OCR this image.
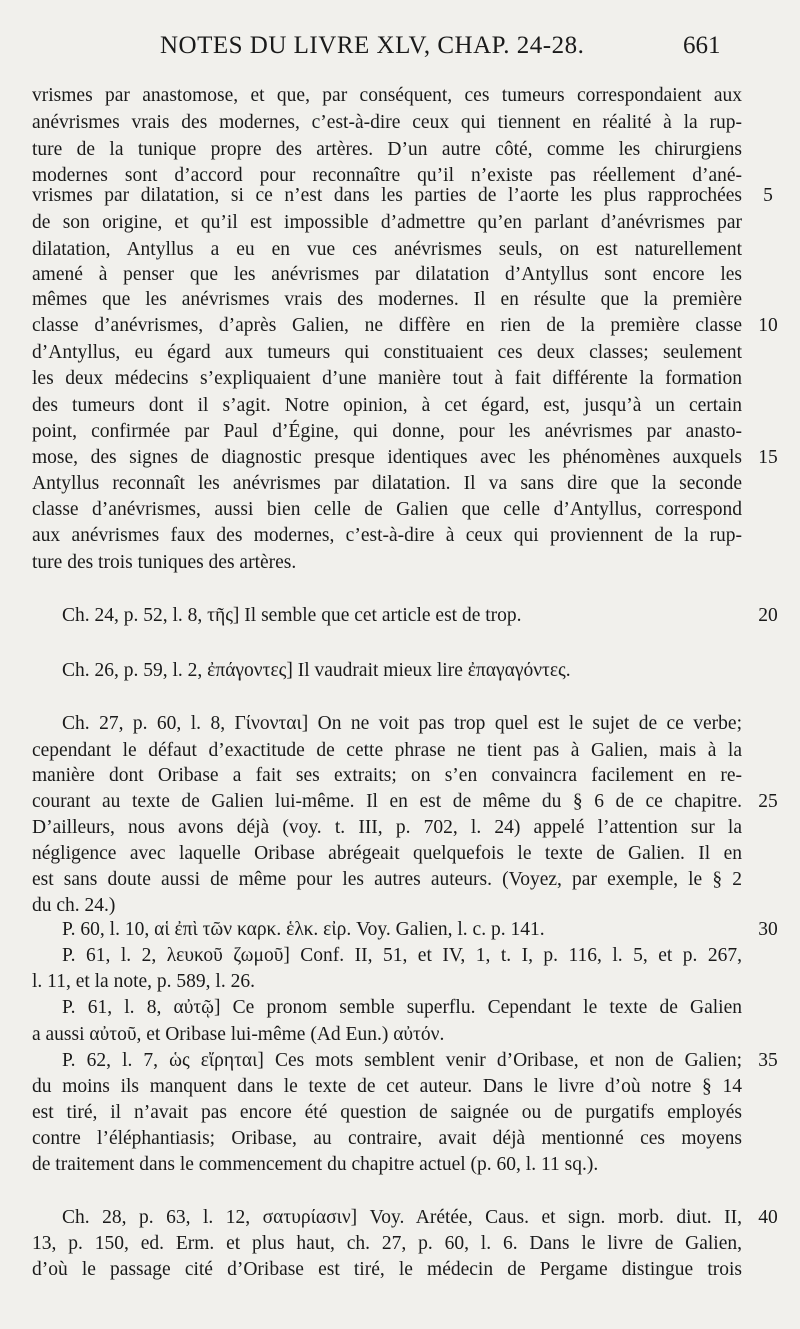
NOTES DU LIVRE XLV, CHAP. 24-28.	661
vrismes par anastomose, et que, par conséquent, ces tumeurs correspondaient aux
anévrismes vrais des modernes, c’est-à-dire ceux qui tiennent en réalité à la rup-
ture de la tunique propre des artères. D’un autre côté, comme les chirurgiens
modernes sont d’accord pour reconnaître qu’il n’existe pas réellement d’ané-
vrismes par dilatation, si ce n’est dans les parties de l’aorte les plus rapprochées
de son origine, et qu’il est impossible d’admettre qu’en parlant d’anévrismes par
dilatation, Antyllus a eu en vue ces anévrismes seuls, on est naturellement
amené à penser que les anévrismes par dilatation d’Antyllus sont encore les
mêmes que les anévrismes vrais des modernes. Il en résulte que la première
classe d’anévrismes, d’après Galien, ne diffère en rien de la première classe
d’Antyllus, eu égard aux tumeurs qui constituaient ces deux classes; seulement
les deux médecins s’expliquaient d’une manière tout à fait différente la formation
des tumeurs dont il s’agit. Notre opinion, à cet égard, est, jusqu’à un certain
point, confirmée par Paul d’Égine, qui donne, pour les anévrismes par anasto-
mose, des signes de diagnostic presque identiques avec les phénomènes auxquels
Antyllus reconnaît les anévrismes par dilatation. Il va sans dire que la seconde
classe d’anévrismes, aussi bien celle de Galien que celle d’Antyllus, correspond
aux anévrismes faux des modernes, c’est-à-dire à ceux qui proviennent de la rup-
ture des trois tuniques des artères.
Ch. 24, p. 52, l. 8, τῆς] Il semble que cet article est de trop.
Ch. 26, p. 59, l. 2, ἐπάγοντες] Il vaudrait mieux lire ἐπαγαγόντες.
Ch. 27, p. 60, l. 8, Γίνονται] On ne voit pas trop quel est le sujet de ce verbe;
cependant le défaut d’exactitude de cette phrase ne tient pas à Galien, mais à la
manière dont Oribase a fait ses extraits; on s’en convaincra facilement en re-
courant au texte de Galien lui-même. Il en est de même du § 6 de ce chapitre.
D’ailleurs, nous avons déjà (voy. t. III, p. 702, l. 24) appelé l’attention sur la
négligence avec laquelle Oribase abrégeait quelquefois le texte de Galien. Il en
est sans doute aussi de même pour les autres auteurs. (Voyez, par exemple, le § 2
du ch. 24.)
P. 60, l. 10, αἱ ἐπὶ τῶν καρκ. ἑλκ. εἰρ. Voy. Galien, l. c. p. 141.
P. 61, l. 2, λευκοῦ ζωμοῦ] Conf. II, 51, et IV, 1, t. I, p. 116, l. 5, et p. 267,
l. 11, et la note, p. 589, l. 26.
P. 61, l. 8, αὐτῷ] Ce pronom semble superflu. Cependant le texte de Galien
a aussi αὐτοῦ, et Oribase lui-même (Ad Eun.) αὐτόν.
P. 62, l. 7, ὡς εἴρηται] Ces mots semblent venir d’Oribase, et non de Galien;
du moins ils manquent dans le texte de cet auteur. Dans le livre d’où notre § 14
est tiré, il n’avait pas encore été question de saignée ou de purgatifs employés
contre l’éléphantiasis; Oribase, au contraire, avait déjà mentionné ces moyens
de traitement dans le commencement du chapitre actuel (p. 60, l. 11 sq.).
Ch. 28, p. 63, l. 12, σατυρίασιν] Voy. Arétée, Caus. et sign. morb. diut. II,
13, p. 150, ed. Erm. et plus haut, ch. 27, p. 60, l. 6. Dans le livre de Galien,
d’où le passage cité d’Oribase est tiré, le médecin de Pergame distingue trois
5
10
15
20
25
30
35
40
